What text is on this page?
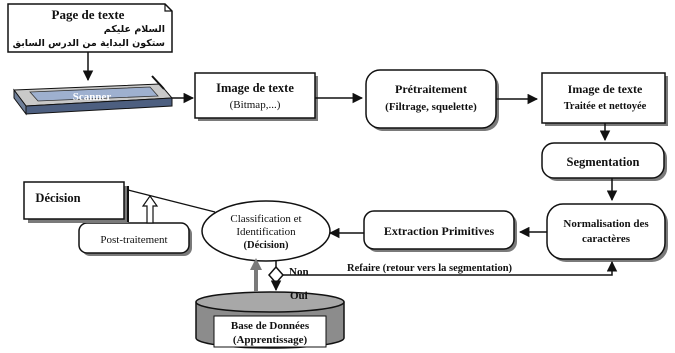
Page de texte
السلام عليكم
ستكون البداية من الدرس السابق
Scanner
Image de texte
(Bitmap,...)
Prétraitement
(Filtrage, squelette)
Image de texte
Traitée et nettoyée
Segmentation
Normalisation des
caractères
Extraction Primitives
Classification et
Identification
(Décision)
Post-traitement
Décision
Base de Données
(Apprentissage)
Non
Oui
Refaire (retour vers la segmentation)
